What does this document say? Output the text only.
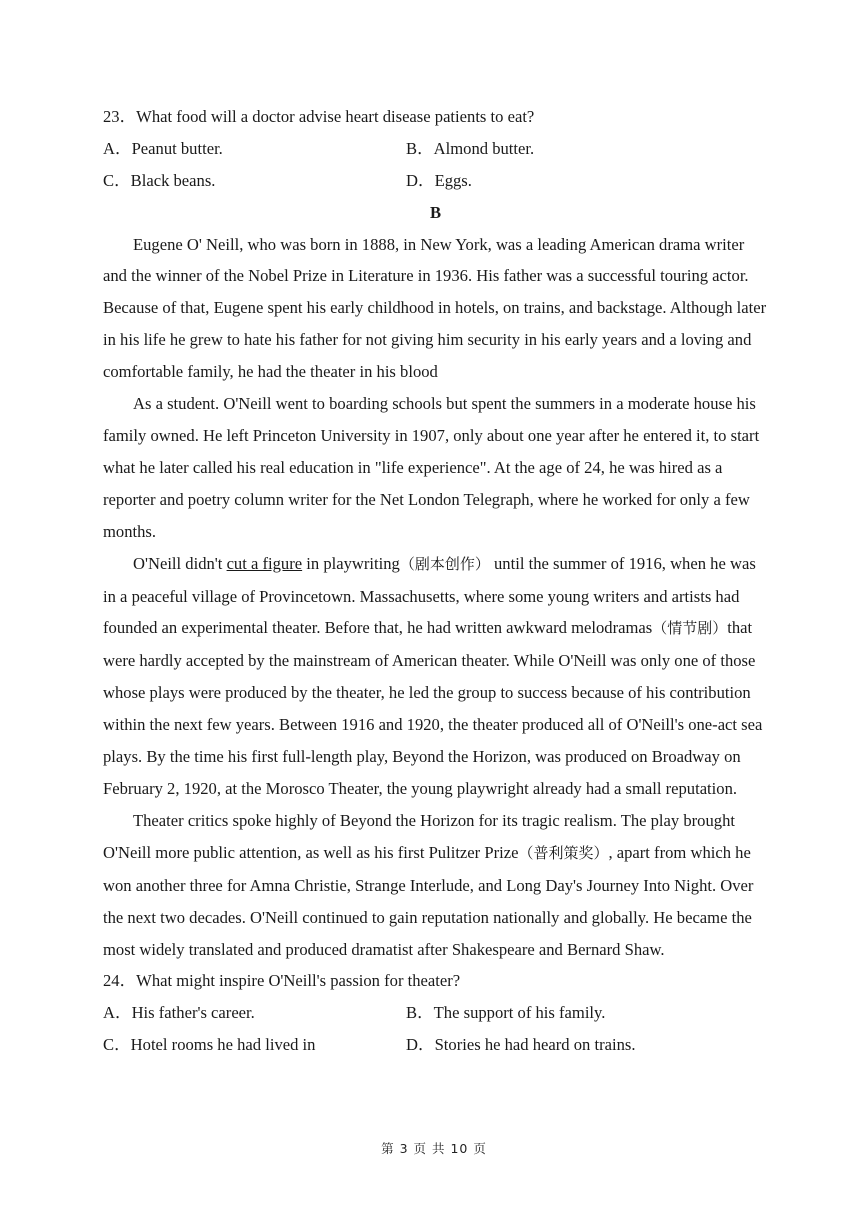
23．What food will a doctor advise heart disease patients to eat?

A．Peanut butter.	B．Almond butter.
C．Black beans.	D．Eggs.

B

Eugene O' Neill, who was born in 1888, in New York, was a leading American drama writer and the winner of the Nobel Prize in Literature in 1936. His father was a successful touring actor. Because of that, Eugene spent his early childhood in hotels, on trains, and backstage. Although later in his life he grew to hate his father for not giving him security in his early years and a loving and comfortable family, he had the theater in his blood

As a student. O'Neill went to boarding schools but spent the summers in a moderate house his family owned. He left Princeton University in 1907, only about one year after he entered it, to start what he later called his real education in "life experience". At the age of 24, he was hired as a reporter and poetry column writer for the Net London Telegraph, where he worked for only a few months.

O'Neill didn't cut a figure in playwriting（剧本创作） until the summer of 1916, when he was in a peaceful village of Provincetown. Massachusetts, where some young writers and artists had founded an experimental theater. Before that, he had written awkward melodramas（情节剧）that were hardly accepted by the mainstream of American theater. While O'Neill was only one of those whose plays were produced by the theater, he led the group to success because of his contribution within the next few years. Between 1916 and 1920, the theater produced all of O'Neill's one-act sea plays. By the time his first full-length play, Beyond the Horizon, was produced on Broadway on February 2, 1920, at the Morosco Theater, the young playwright already had a small reputation.

Theater critics spoke highly of Beyond the Horizon for its tragic realism. The play brought O'Neill more public attention, as well as his first Pulitzer Prize（普利策奖）, apart from which he won another three for Amna Christie, Strange Interlude, and Long Day's Journey Into Night. Over the next two decades. O'Neill continued to gain reputation nationally and globally. He became the most widely translated and produced dramatist after Shakespeare and Bernard Shaw.

24．What might inspire O'Neill's passion for theater?

A．His father's career.	B．The support of his family.
C．Hotel rooms he had lived in	D．Stories he had heard on trains.
第 3 页 共 10 页
